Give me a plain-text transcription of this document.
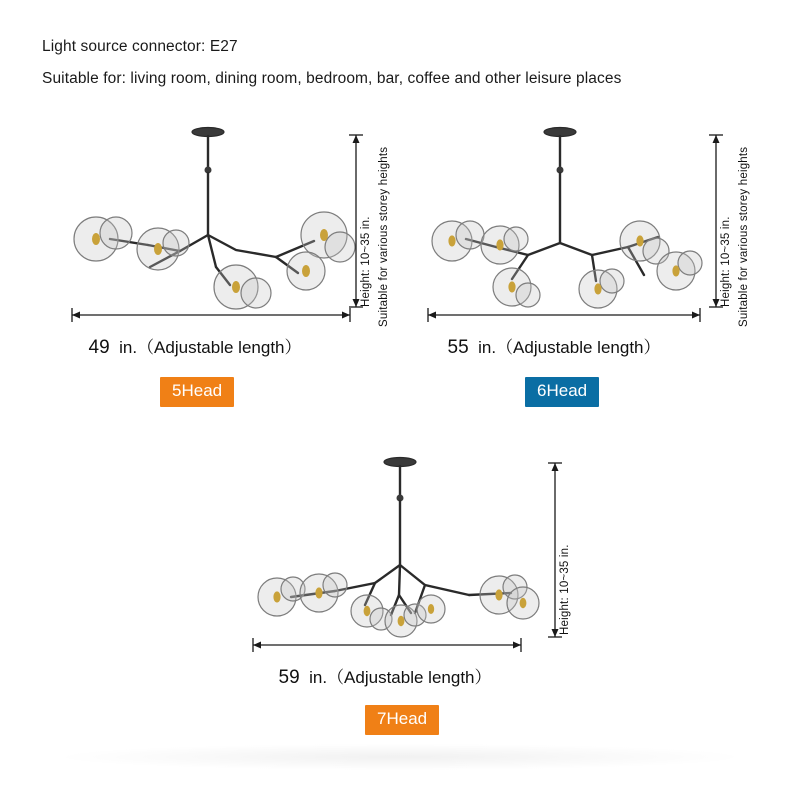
Light source connector: E27
Suitable for: living room, dining room, bedroom, bar, coffee and other leisure places
Height: 10~35 in. Suitable for various storey heights
49 in.（Adjustable length）
5Head
Height: 10~35 in. Suitable for various storey heights
55 in.（Adjustable length）
6Head
Height: 10~35 in.
59 in.（Adjustable length）
7Head
